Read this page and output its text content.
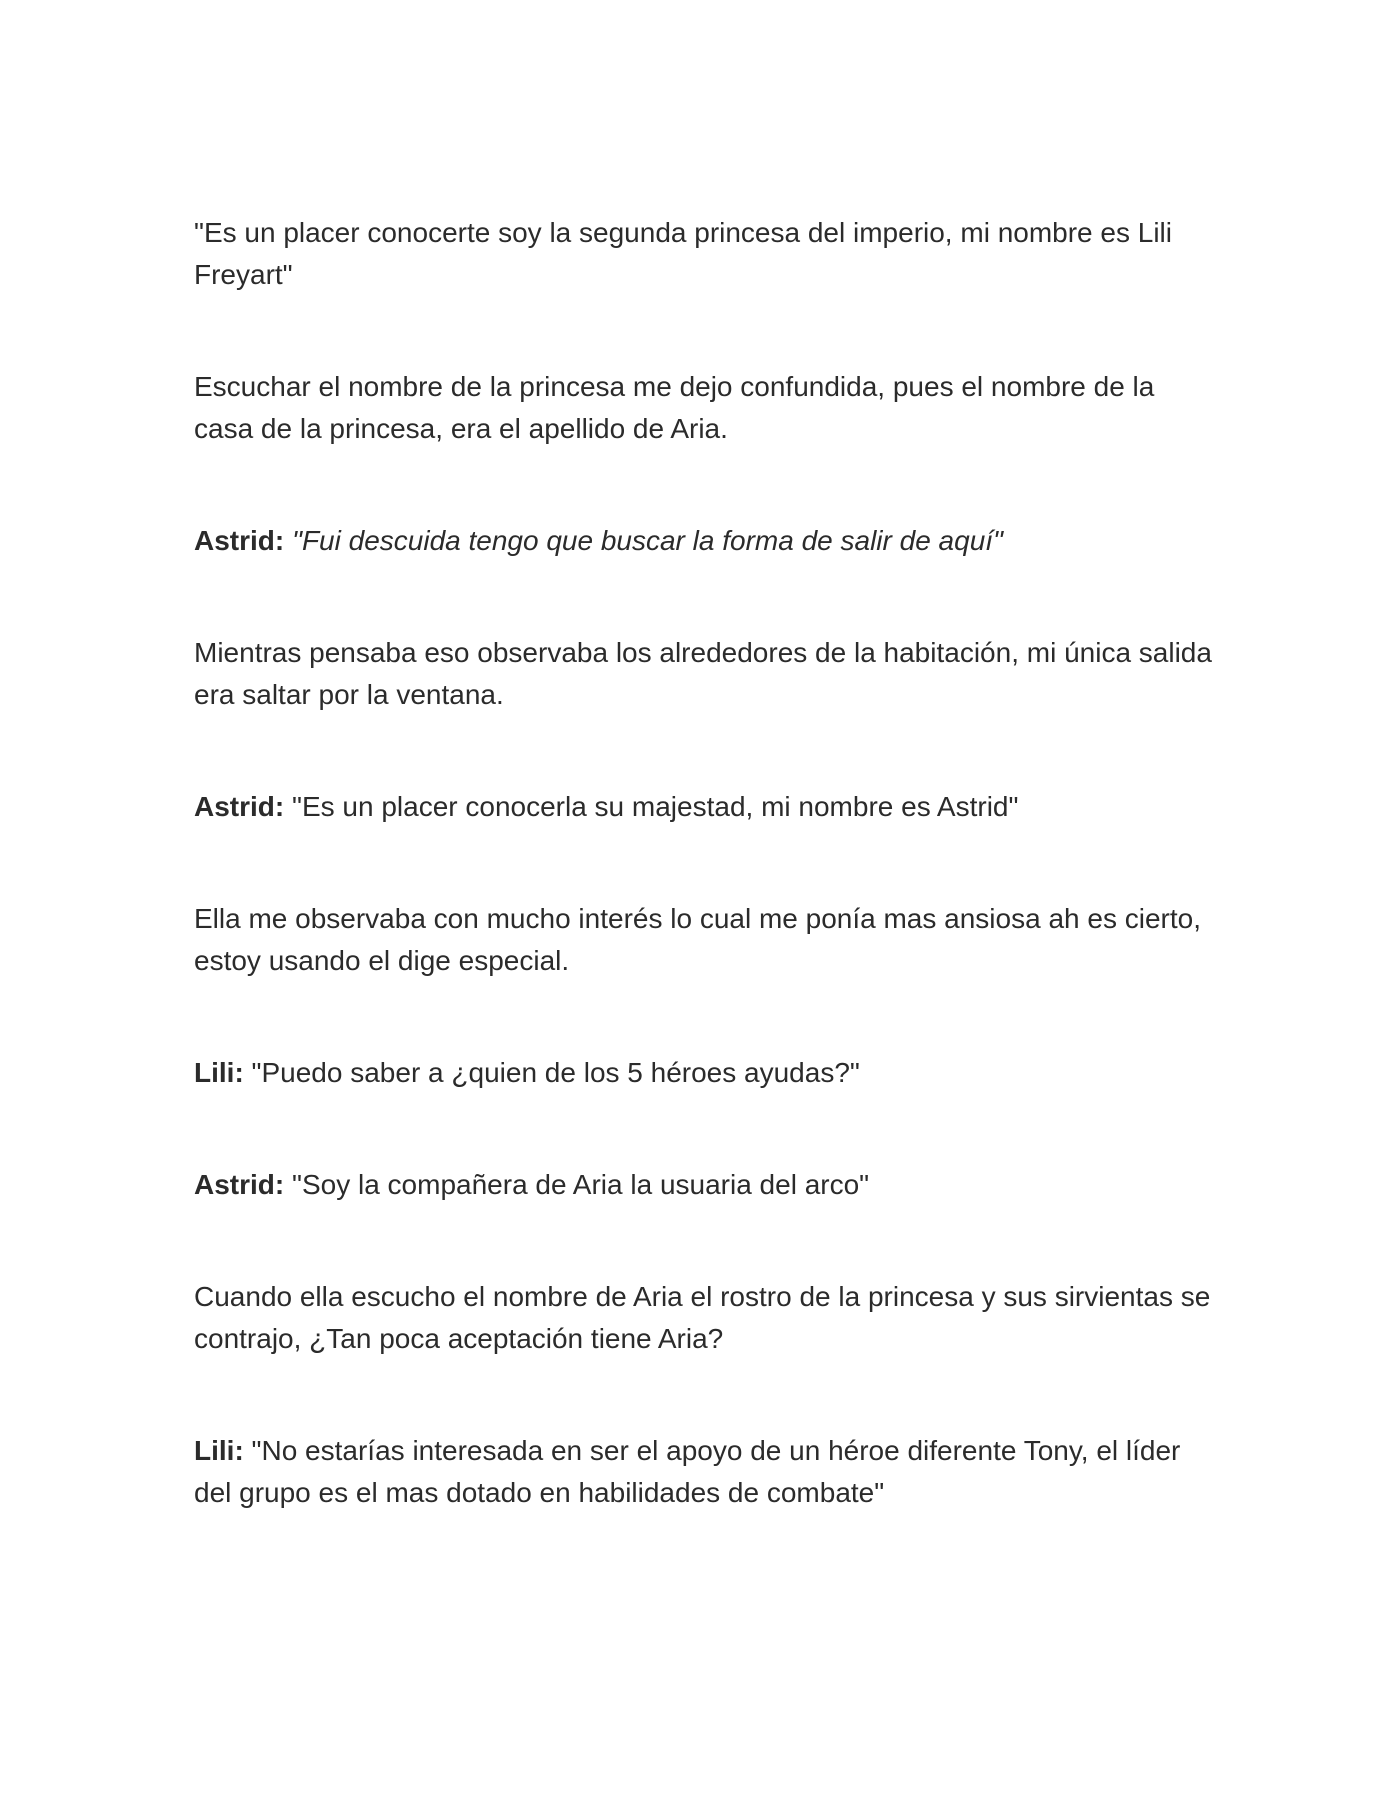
"Es un placer conocerte soy la segunda princesa del imperio, mi nombre es Lili Freyart"

Escuchar el nombre de la princesa me dejo confundida, pues el nombre de la casa de la princesa, era el apellido de Aria.

Astrid: "Fui descuida tengo que buscar la forma de salir de aquí"

Mientras pensaba eso observaba los alrededores de la habitación, mi única salida era saltar por la ventana.

Astrid: "Es un placer conocerla su majestad, mi nombre es Astrid"

Ella me observaba con mucho interés lo cual me ponía mas ansiosa ah es cierto, estoy usando el dige especial.

Lili: "Puedo saber a ¿quien de los 5 héroes ayudas?"

Astrid: "Soy la compañera de Aria la usuaria del arco"

Cuando ella escucho el nombre de Aria el rostro de la princesa y sus sirvientas se contrajo, ¿Tan poca aceptación tiene Aria?

Lili: "No estarías interesada en ser el apoyo de un héroe diferente Tony, el líder del grupo es el mas dotado en habilidades de combate"
